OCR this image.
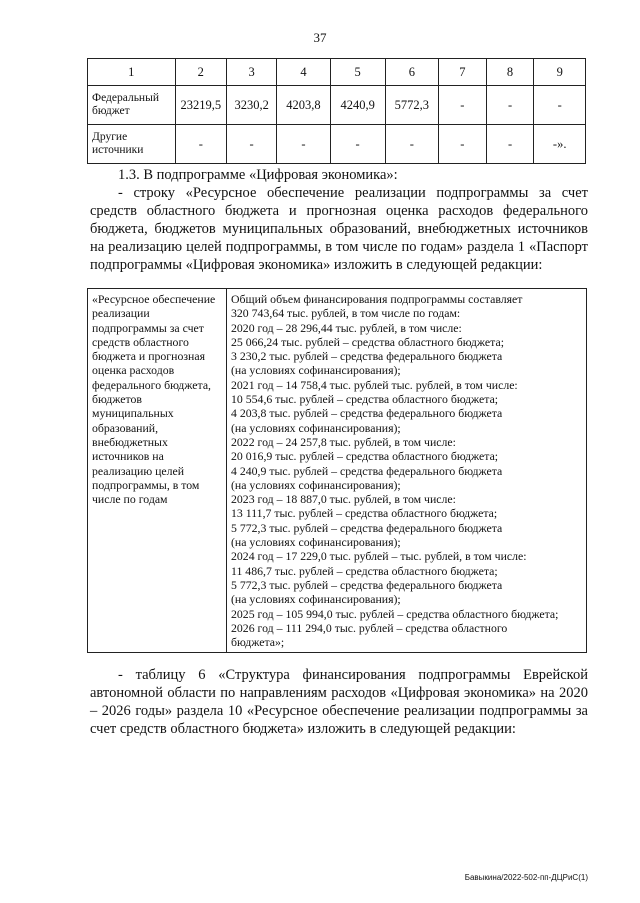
37
1	2	3	4	5	6	7	8	9
Федеральный бюджет	23219,5	3230,2	4203,8	4240,9	5772,3	-	-	-
Другие источники	-	-	-	-	-	-	-	-».
1.3. В подпрограмме «Цифровая экономика»:
- строку «Ресурсное обеспечение реализации подпрограммы за счет средств областного бюджета и прогнозная оценка расходов федерального бюджета, бюджетов муниципальных образований, внебюджетных источников на реализацию целей подпрограммы, в том числе по годам» раздела 1 «Паспорт подпрограммы «Цифровая экономика» изложить в следующей редакции:
«Ресурсное обеспечение реализации подпрограммы за счет средств областного бюджета и прогнозная оценка расходов федерального бюджета, бюджетов муниципальных образований, внебюджетных источников на реализацию целей подпрограммы, в том числе по годам	
Общий объем финансирования подпрограммы составляет
320 743,64 тыс. рублей, в том числе по годам:
2020 год – 28 296,44 тыс. рублей, в том числе:
25 066,24 тыс. рублей – средства областного бюджета;
3 230,2 тыс. рублей – средства федерального бюджета
(на условиях софинансирования);
2021 год – 14 758,4 тыс. рублей тыс. рублей, в том числе:
10 554,6 тыс. рублей – средства областного бюджета;
4 203,8 тыс. рублей – средства федерального бюджета
(на условиях софинансирования);
2022 год – 24 257,8 тыс. рублей, в том числе:
20 016,9 тыс. рублей – средства областного бюджета;
4 240,9 тыс. рублей – средства федерального бюджета
(на условиях софинансирования);
2023 год – 18 887,0 тыс. рублей, в том числе:
13 111,7 тыс. рублей – средства областного бюджета;
5 772,3 тыс. рублей – средства федерального бюджета
(на условиях софинансирования);
2024 год – 17 229,0 тыс. рублей – тыс. рублей, в том числе:
11 486,7 тыс. рублей – средства областного бюджета;
5 772,3 тыс. рублей – средства федерального бюджета
(на условиях софинансирования);
2025 год – 105 994,0 тыс. рублей – средства областного бюджета;
2026 год – 111 294,0 тыс. рублей – средства областного
бюджета»;
- таблицу 6 «Структура финансирования подпрограммы Еврейской автономной области по направлениям расходов «Цифровая экономика» на 2020 – 2026 годы» раздела 10 «Ресурсное обеспечение реализации подпрограммы за счет средств областного бюджета» изложить в следующей редакции:
Бавыкина/2022-502-пп-ДЦРиС(1)
